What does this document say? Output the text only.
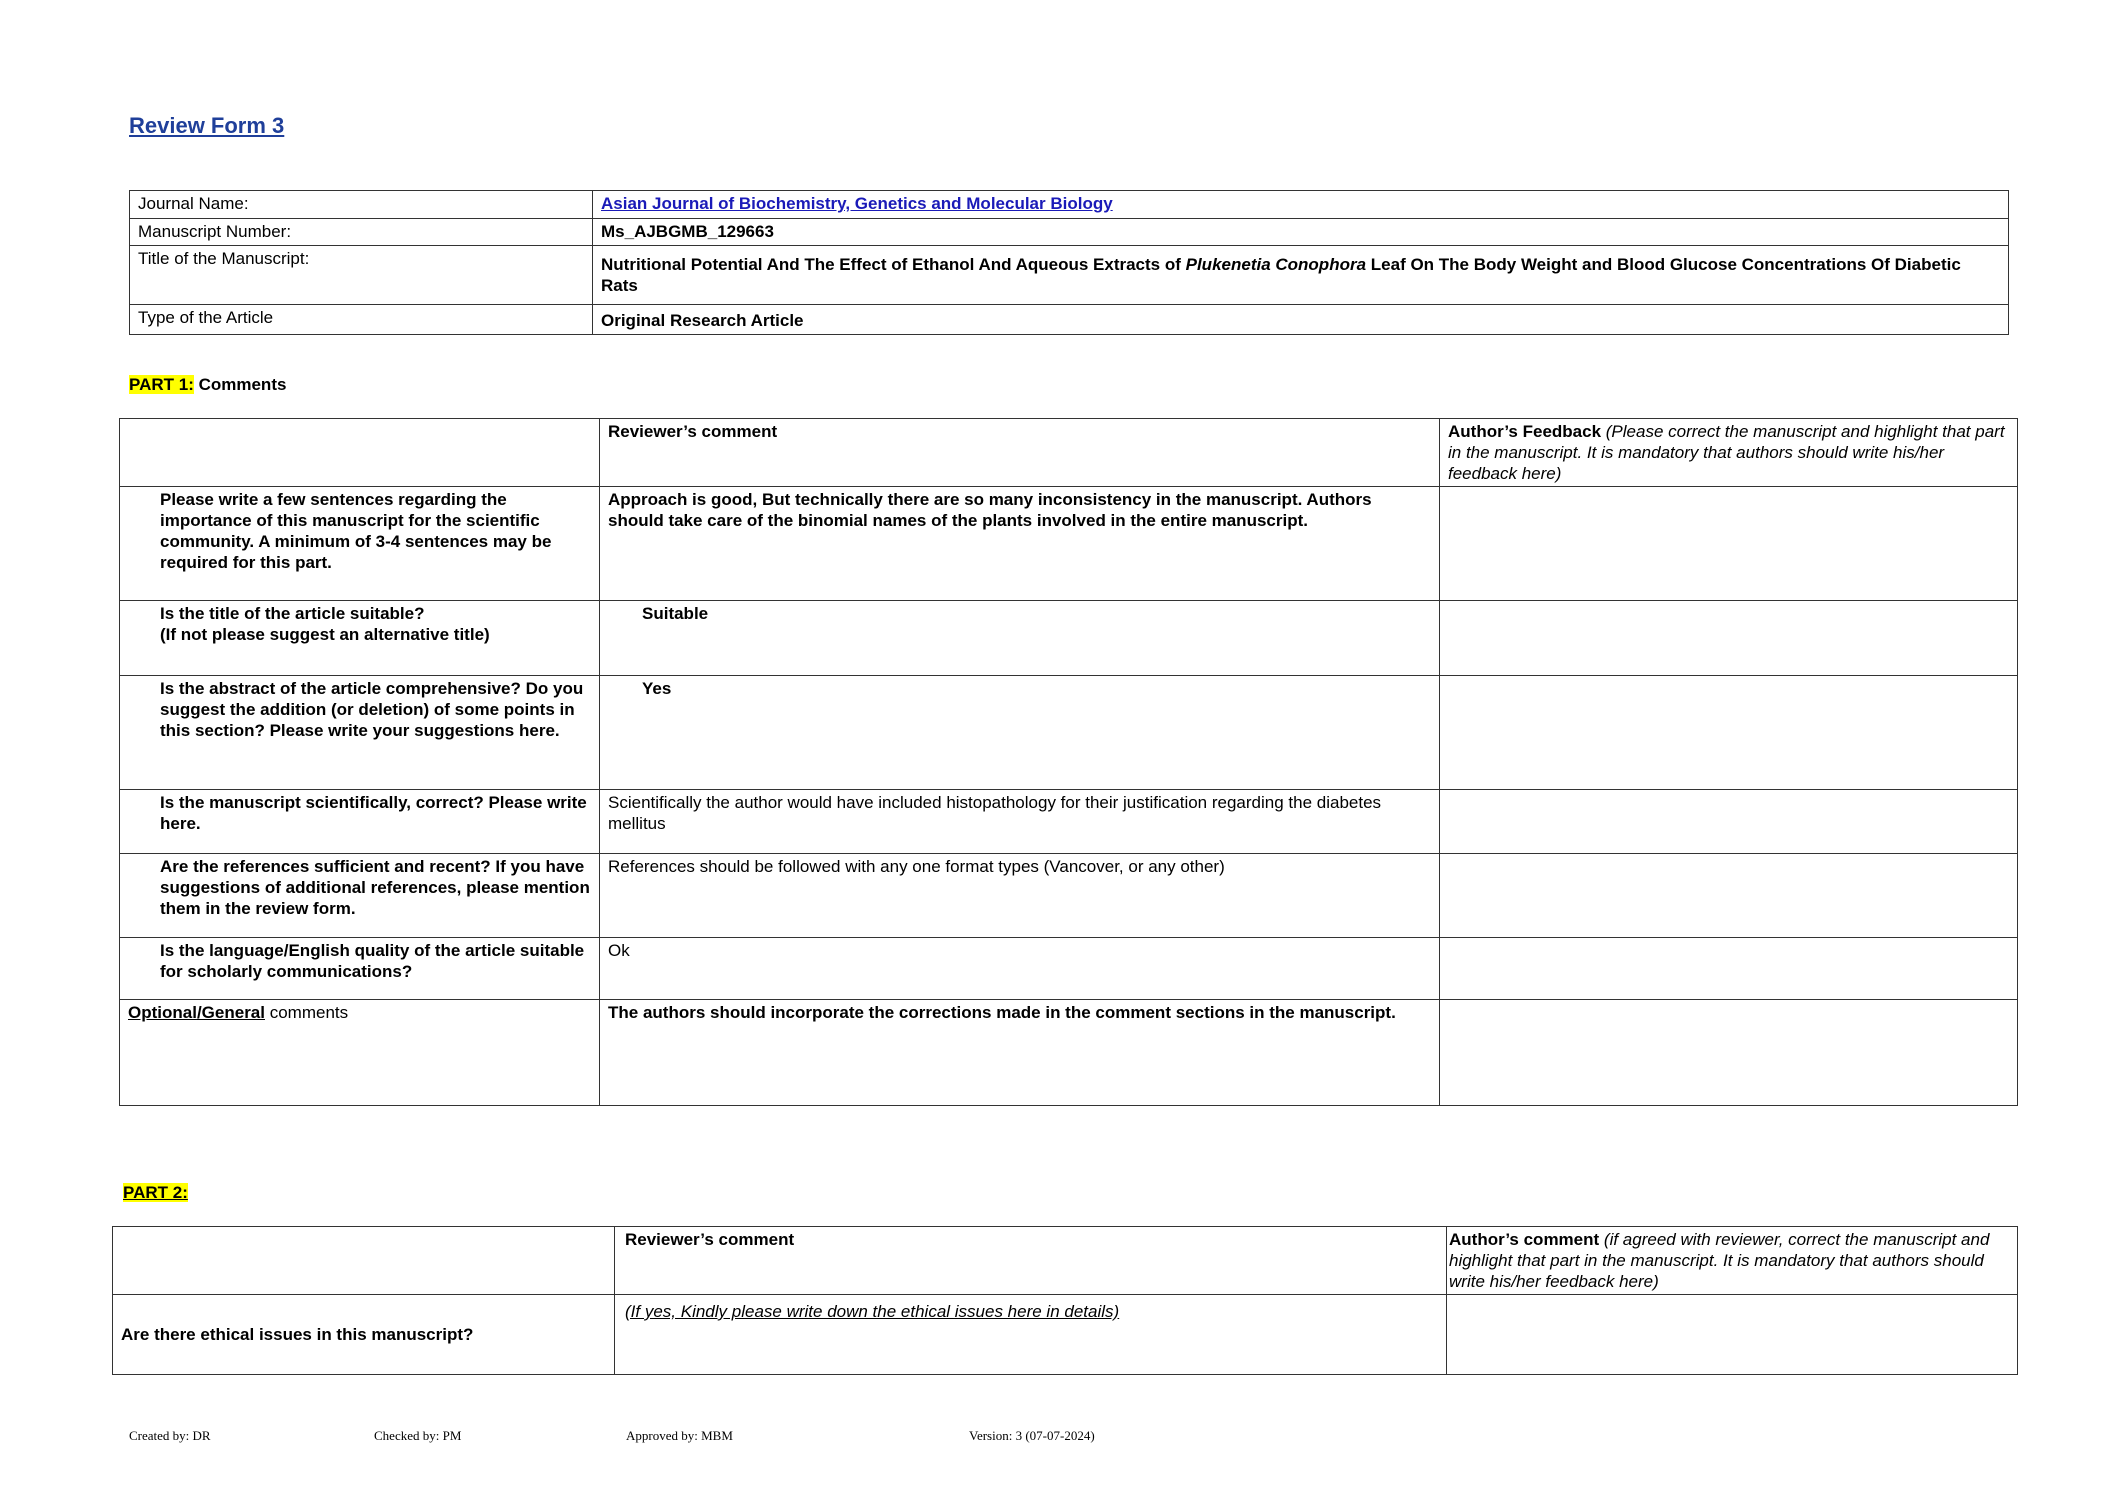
Review Form 3
Journal Name:	Asian Journal of Biochemistry, Genetics and Molecular Biology
Manuscript Number:	Ms_AJBGMB_129663
Title of the Manuscript:	Nutritional Potential And The Effect of Ethanol And Aqueous Extracts of Plukenetia Conophora Leaf On The Body Weight and Blood Glucose Concentrations Of Diabetic Rats
Type of the Article	Original Research Article
PART 1: Comments
	Reviewer’s comment	Author’s Feedback (Please correct the manuscript and highlight that part in the manuscript. It is mandatory that authors should write his/her feedback here)
Please write a few sentences regarding the importance of this manuscript for the scientific community. A minimum of 3-4 sentences may be required for this part.	Approach is good, But technically there are so many inconsistency in the manuscript. Authors should take care of the binomial names of the plants involved in the entire manuscript.	
Is the title of the article suitable?
(If not please suggest an alternative title)	Suitable	
Is the abstract of the article comprehensive? Do you suggest the addition (or deletion) of some points in this section? Please write your suggestions here.	Yes	
Is the manuscript scientifically, correct? Please write here.	Scientifically the author would have included histopathology for their justification regarding the diabetes mellitus	
Are the references sufficient and recent? If you have suggestions of additional references, please mention them in the review form.	References should be followed with any one format types (Vancover, or any other)	
Is the language/English quality of the article suitable for scholarly communications?	Ok	
Optional/General comments	The authors should incorporate the corrections made in the comment sections in the manuscript.	
PART 2:
	Reviewer’s comment	Author’s comment (if agreed with reviewer, correct the manuscript and highlight that part in the manuscript. It is mandatory that authors should write his/her feedback here)
Are there ethical issues in this manuscript?	(If yes, Kindly please write down the ethical issues here in details)	
Created by: DR	Checked by: PM	Approved by: MBM	Version: 3 (07-07-2024)
